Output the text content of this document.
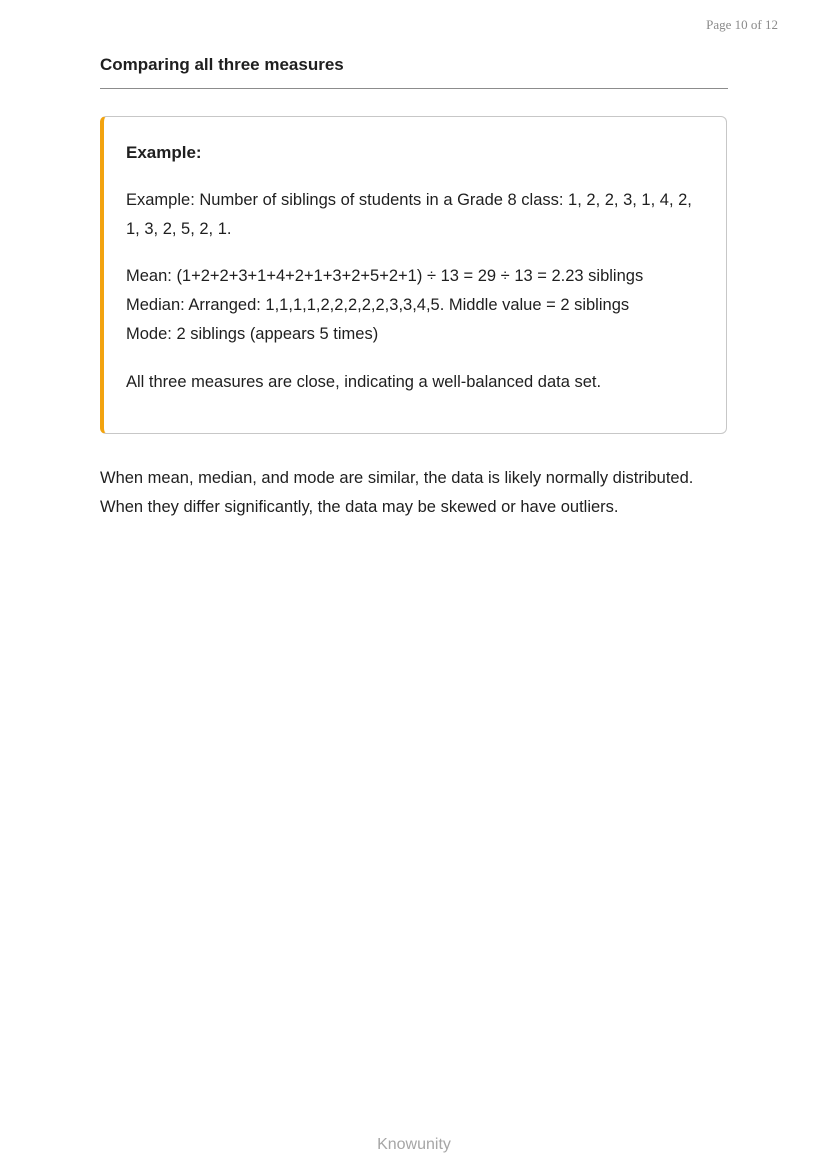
Page 10 of 12
Comparing all three measures
Example:
Example: Number of siblings of students in a Grade 8 class: 1, 2, 2, 3, 1, 4, 2, 1, 3, 2, 5, 2, 1.
Mean: (1+2+2+3+1+4+2+1+3+2+5+2+1) ÷ 13 = 29 ÷ 13 = 2.23 siblings
Median: Arranged: 1,1,1,1,2,2,2,2,2,3,3,4,5. Middle value = 2 siblings
Mode: 2 siblings (appears 5 times)
All three measures are close, indicating a well-balanced data set.

When mean, median, and mode are similar, the data is likely normally distributed. When they differ significantly, the data may be skewed or have outliers.

Knowunity
